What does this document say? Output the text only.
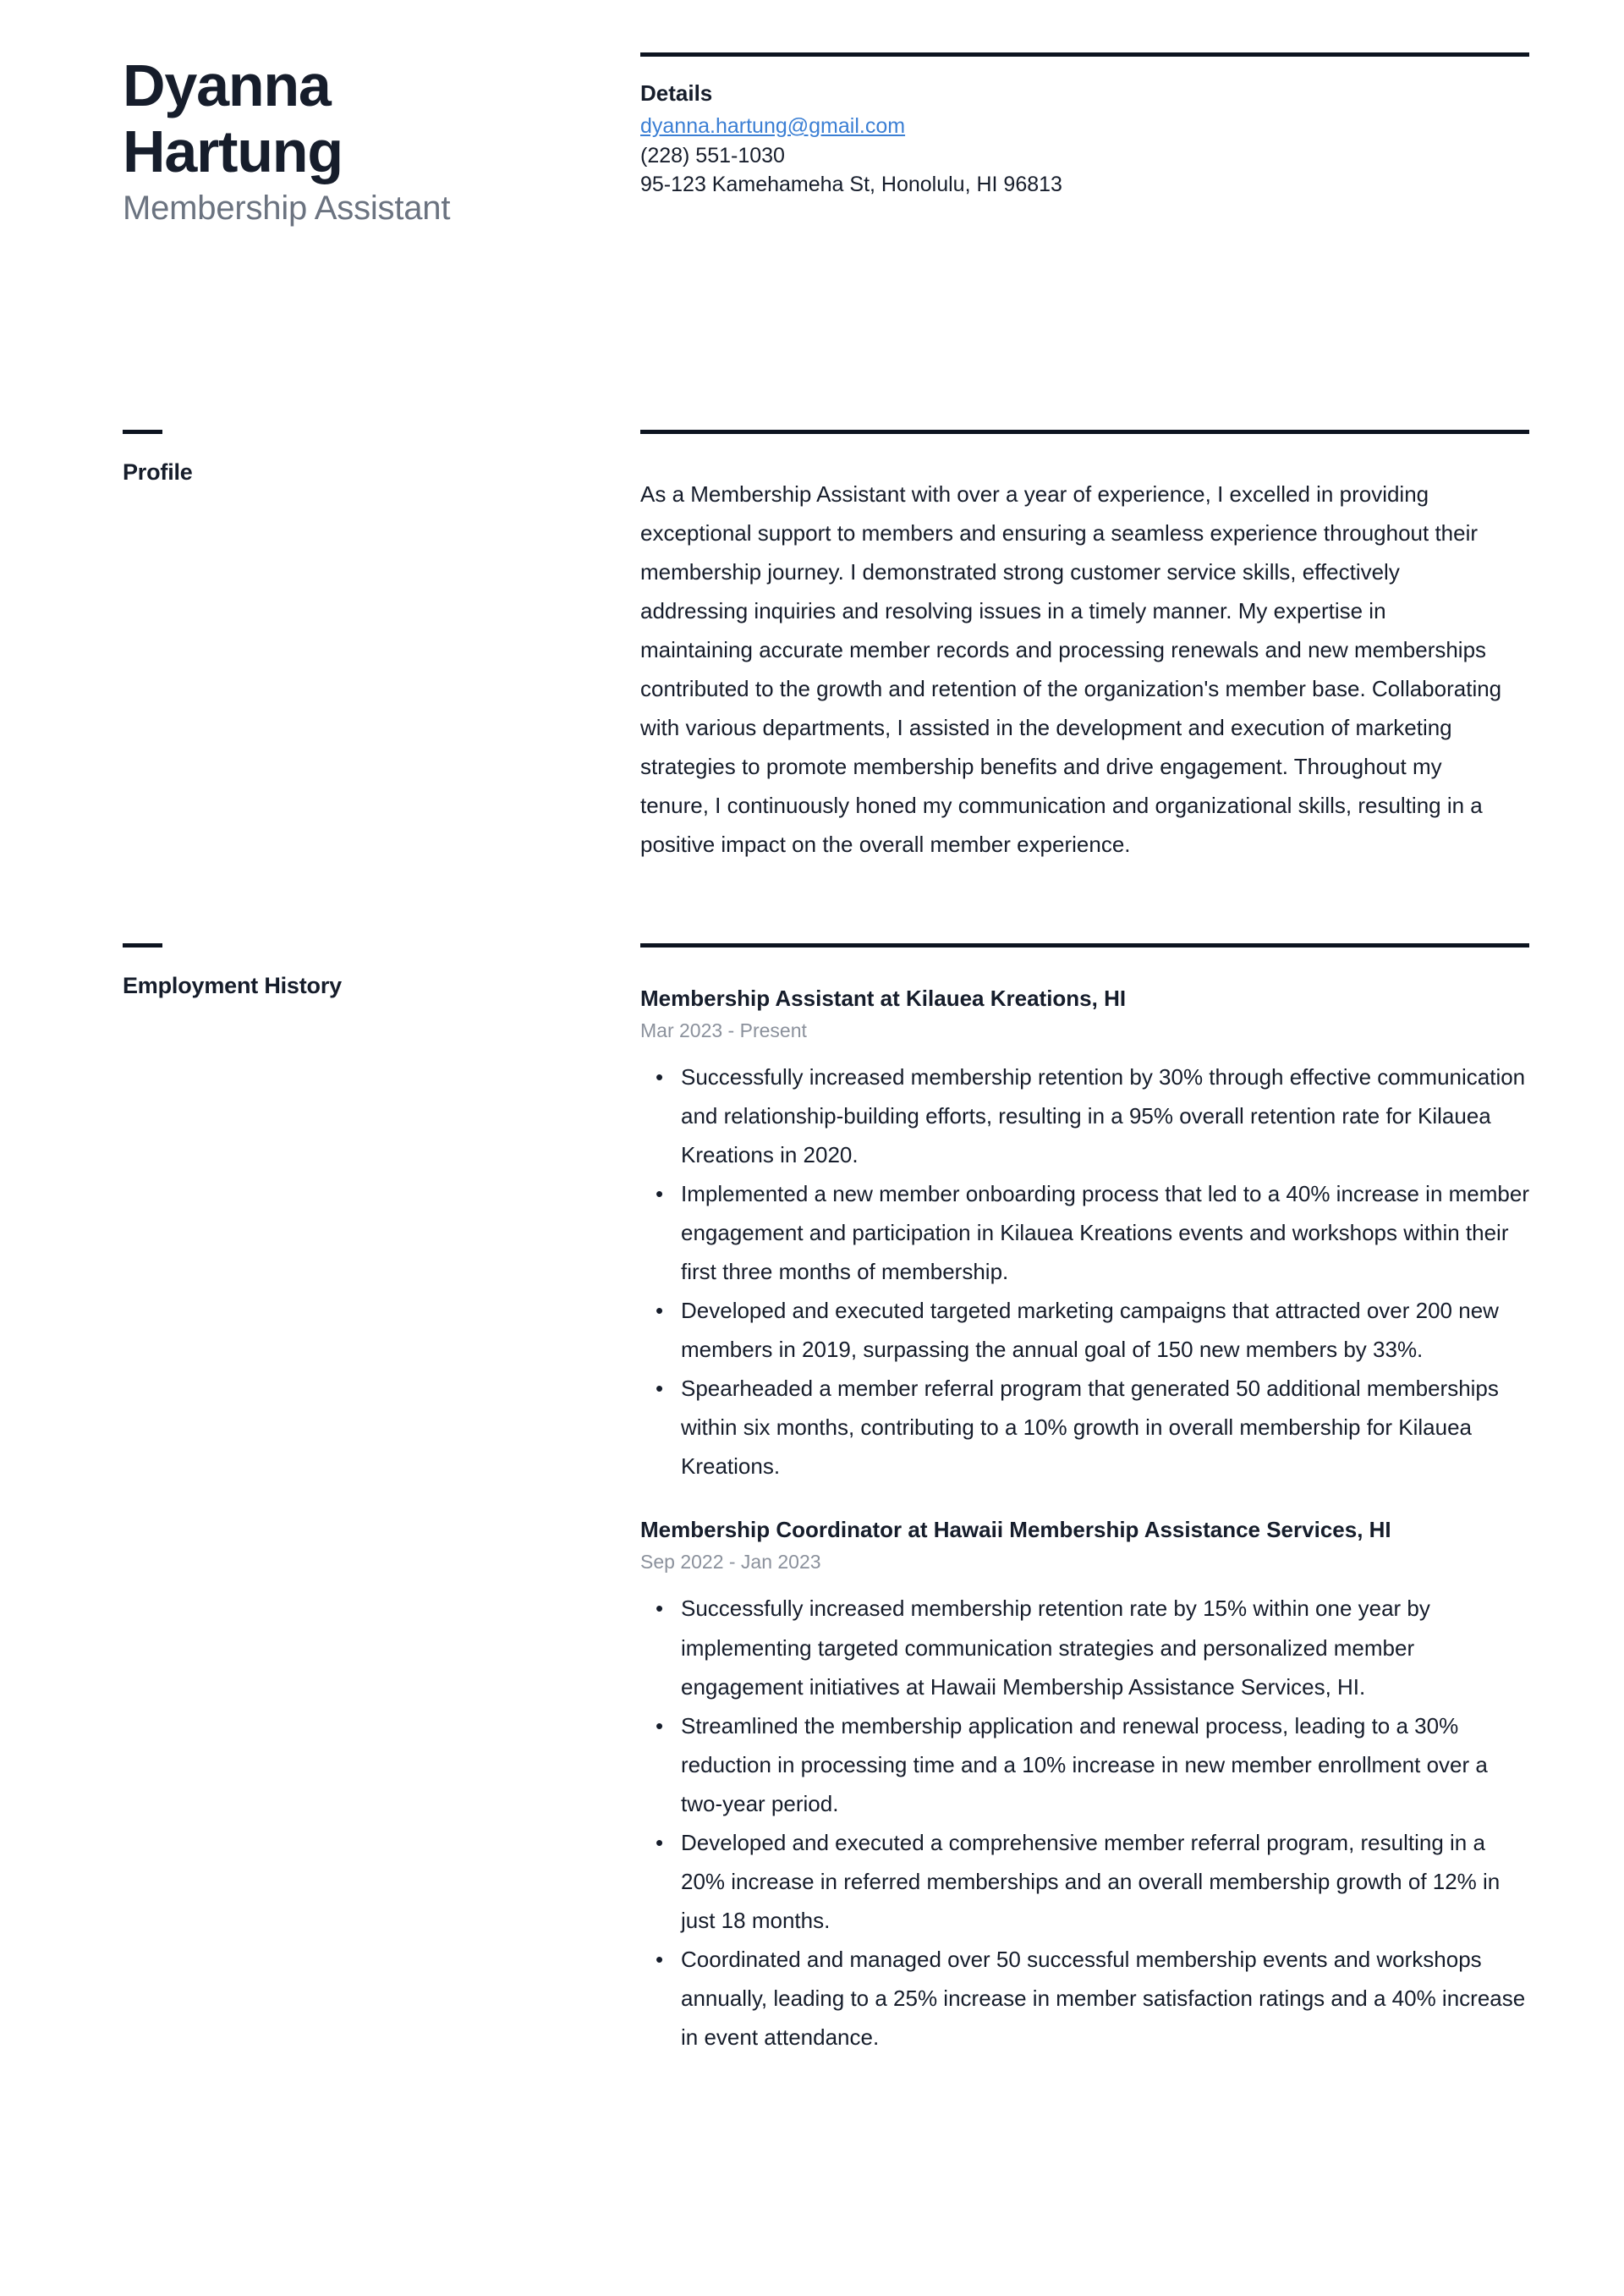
Dyanna Hartung
Membership Assistant
Details
dyanna.hartung@gmail.com
(228) 551-1030
95-123 Kamehameha St, Honolulu, HI 96813
Profile

As a Membership Assistant with over a year of experience, I excelled in providing exceptional support to members and ensuring a seamless experience throughout their membership journey. I demonstrated strong customer service skills, effectively addressing inquiries and resolving issues in a timely manner. My expertise in maintaining accurate member records and processing renewals and new memberships contributed to the growth and retention of the organization's member base. Collaborating with various departments, I assisted in the development and execution of marketing strategies to promote membership benefits and drive engagement. Throughout my tenure, I continuously honed my communication and organizational skills, resulting in a positive impact on the overall member experience.

Employment History	Membership Assistant at Kilauea Kreations, HI
Mar 2023 - Present
• Successfully increased membership retention by 30% through effective communication and relationship-building efforts, resulting in a 95% overall retention rate for Kilauea Kreations in 2020.
• Implemented a new member onboarding process that led to a 40% increase in member engagement and participation in Kilauea Kreations events and workshops within their first three months of membership.
• Developed and executed targeted marketing campaigns that attracted over 200 new members in 2019, surpassing the annual goal of 150 new members by 33%.
• Spearheaded a member referral program that generated 50 additional memberships within six months, contributing to a 10% growth in overall membership for Kilauea Kreations.
Membership Coordinator at Hawaii Membership Assistance Services, HI
Sep 2022 - Jan 2023
• Successfully increased membership retention rate by 15% within one year by implementing targeted communication strategies and personalized member engagement initiatives at Hawaii Membership Assistance Services, HI.
• Streamlined the membership application and renewal process, leading to a 30% reduction in processing time and a 10% increase in new member enrollment over a two-year period.
• Developed and executed a comprehensive member referral program, resulting in a 20% increase in referred memberships and an overall membership growth of 12% in just 18 months.
• Coordinated and managed over 50 successful membership events and workshops annually, leading to a 25% increase in member satisfaction ratings and a 40% increase in event attendance.
